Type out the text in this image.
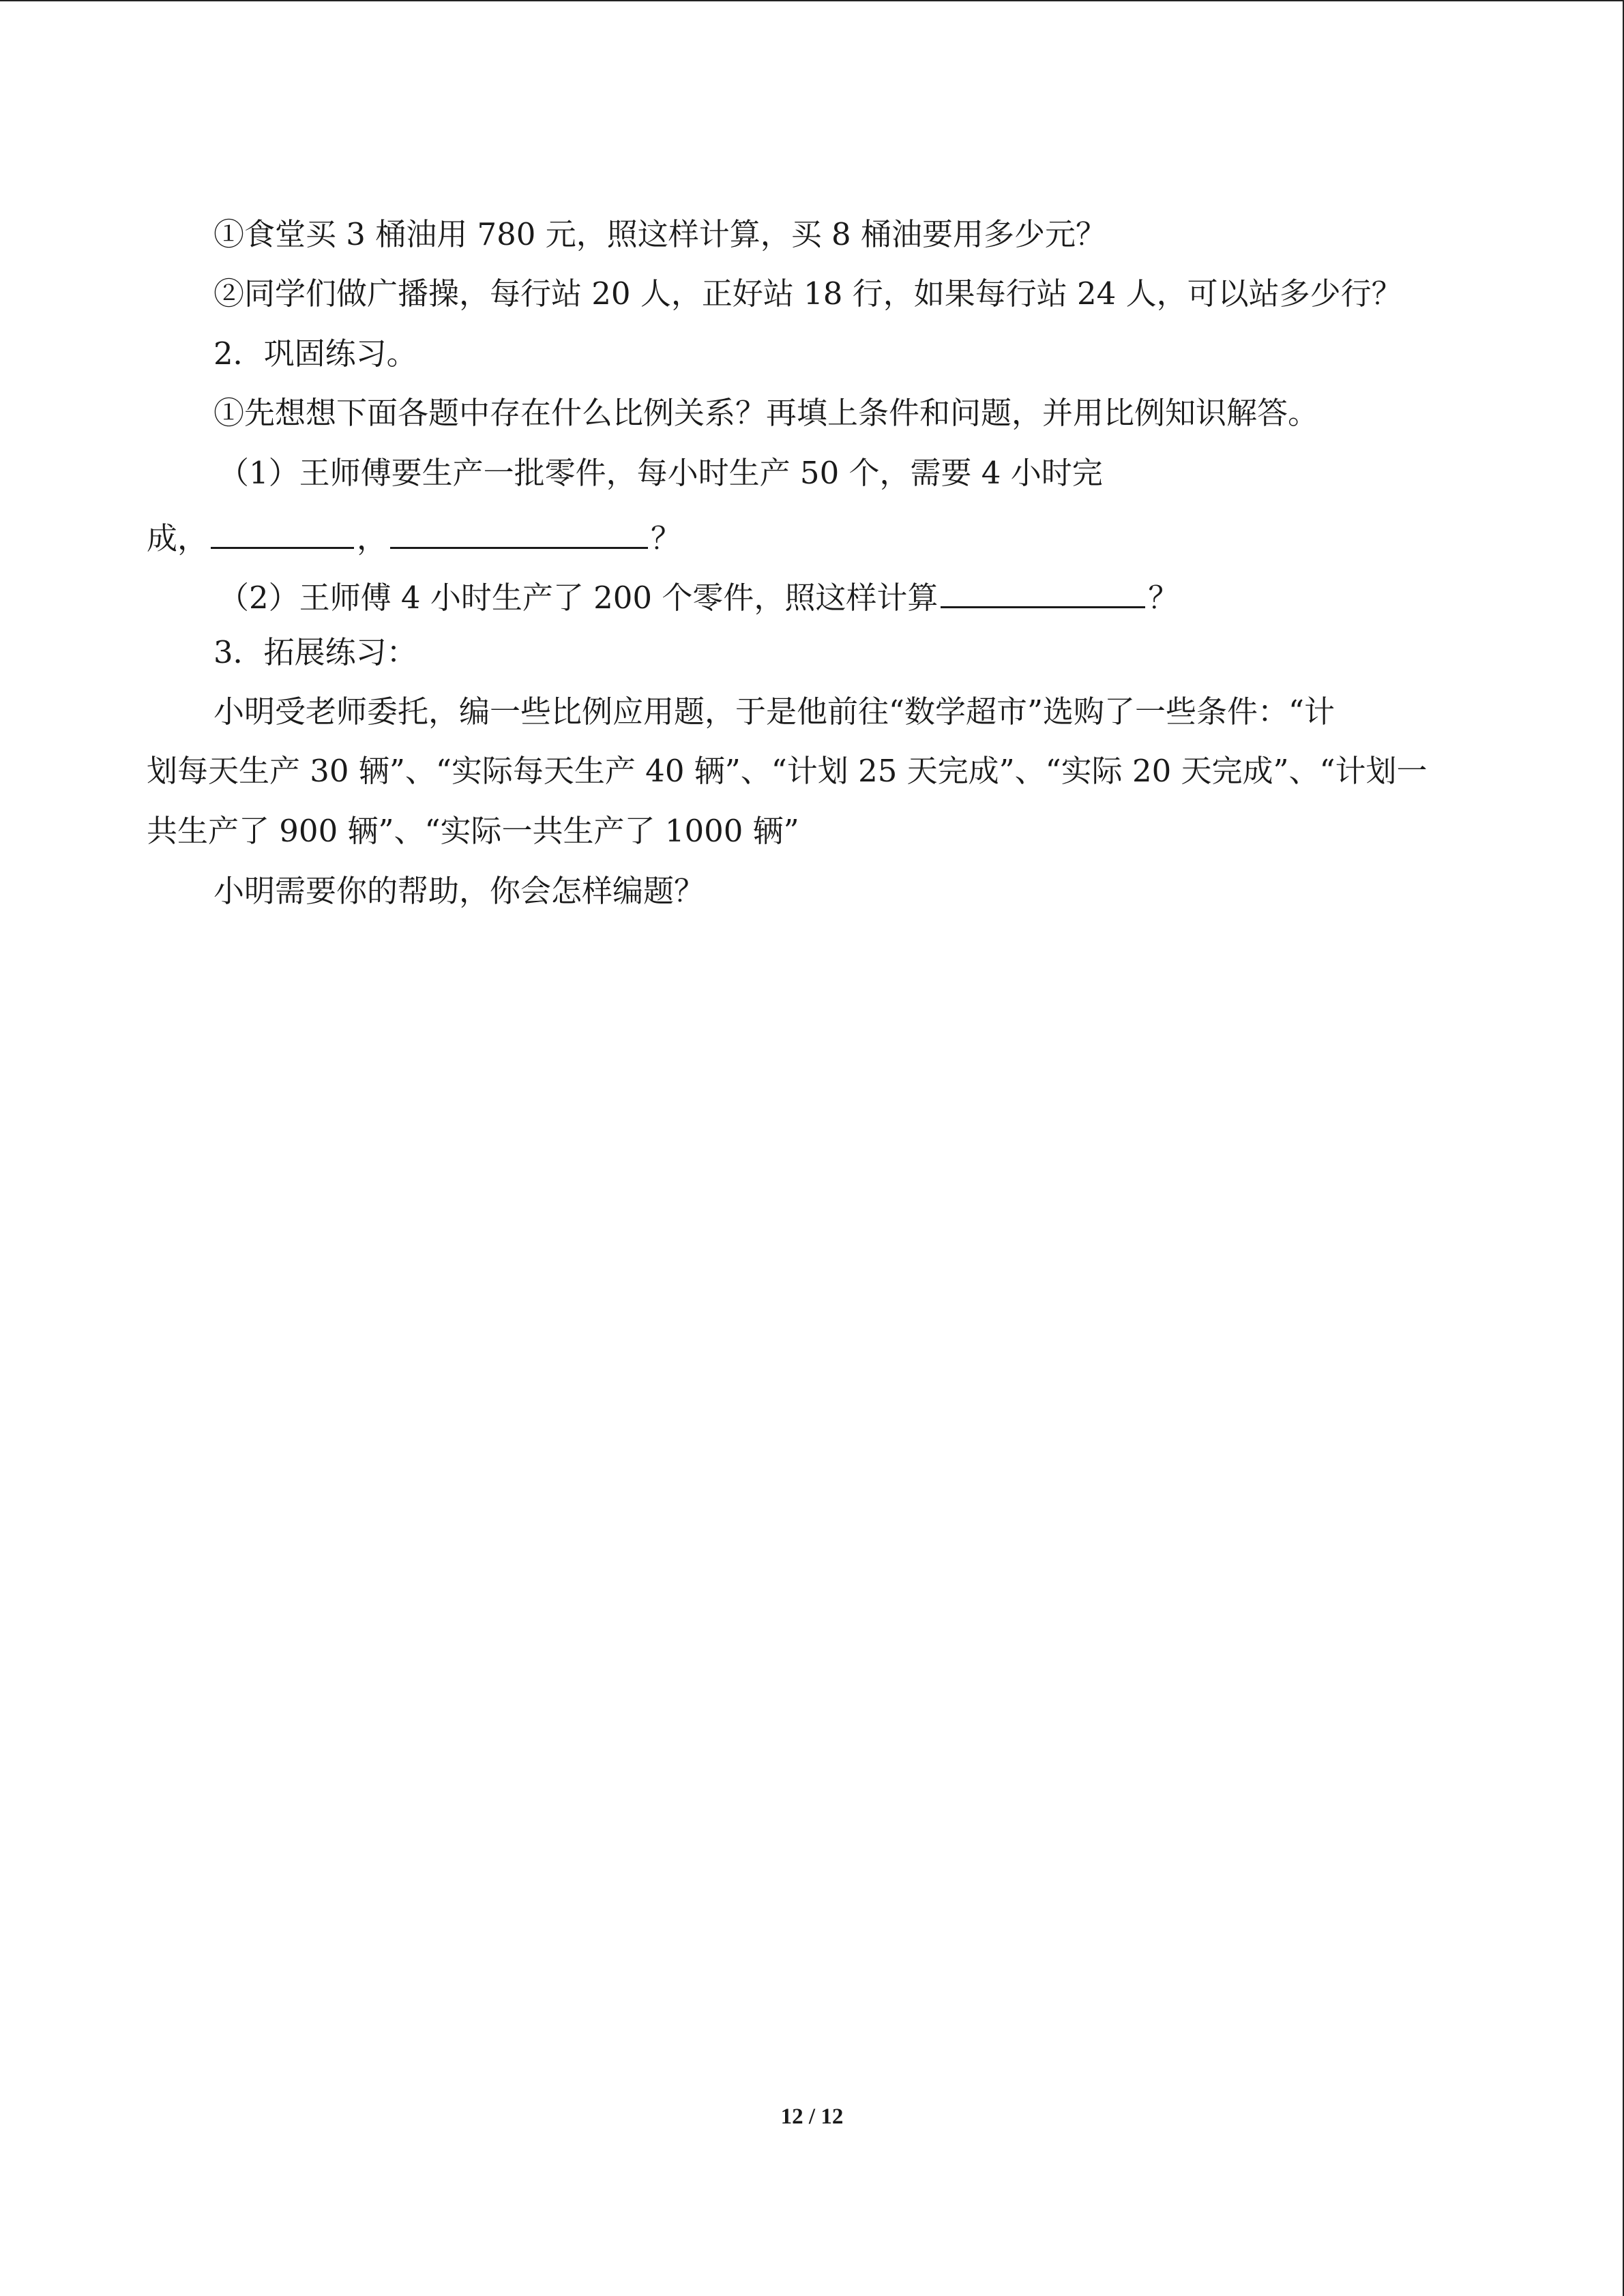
①食堂买 3 桶油用 780 元，照这样计算，买 8 桶油要用多少元？
②同学们做广播操，每行站 20 人，正好站 18 行，如果每行站 24 人，可以站多少行？
2．巩固练习。
①先想想下面各题中存在什么比例关系？再填上条件和问题，并用比例知识解答。
（1）王师傅要生产一批零件，每小时生产 50 个，需要 4 小时完
成，	，	？
（2）王师傅 4 小时生产了 200 个零件，照这样计算	？
3．拓展练习：
小明受老师委托，编一些比例应用题，于是他前往“数学超市”选购了一些条件：“计
划每天生产 30 辆”、“实际每天生产 40 辆”、“计划 25 天完成”、“实际 20 天完成”、“计划一
共生产了 900 辆”、“实际一共生产了 1000 辆”
小明需要你的帮助，你会怎样编题？
12 / 12
